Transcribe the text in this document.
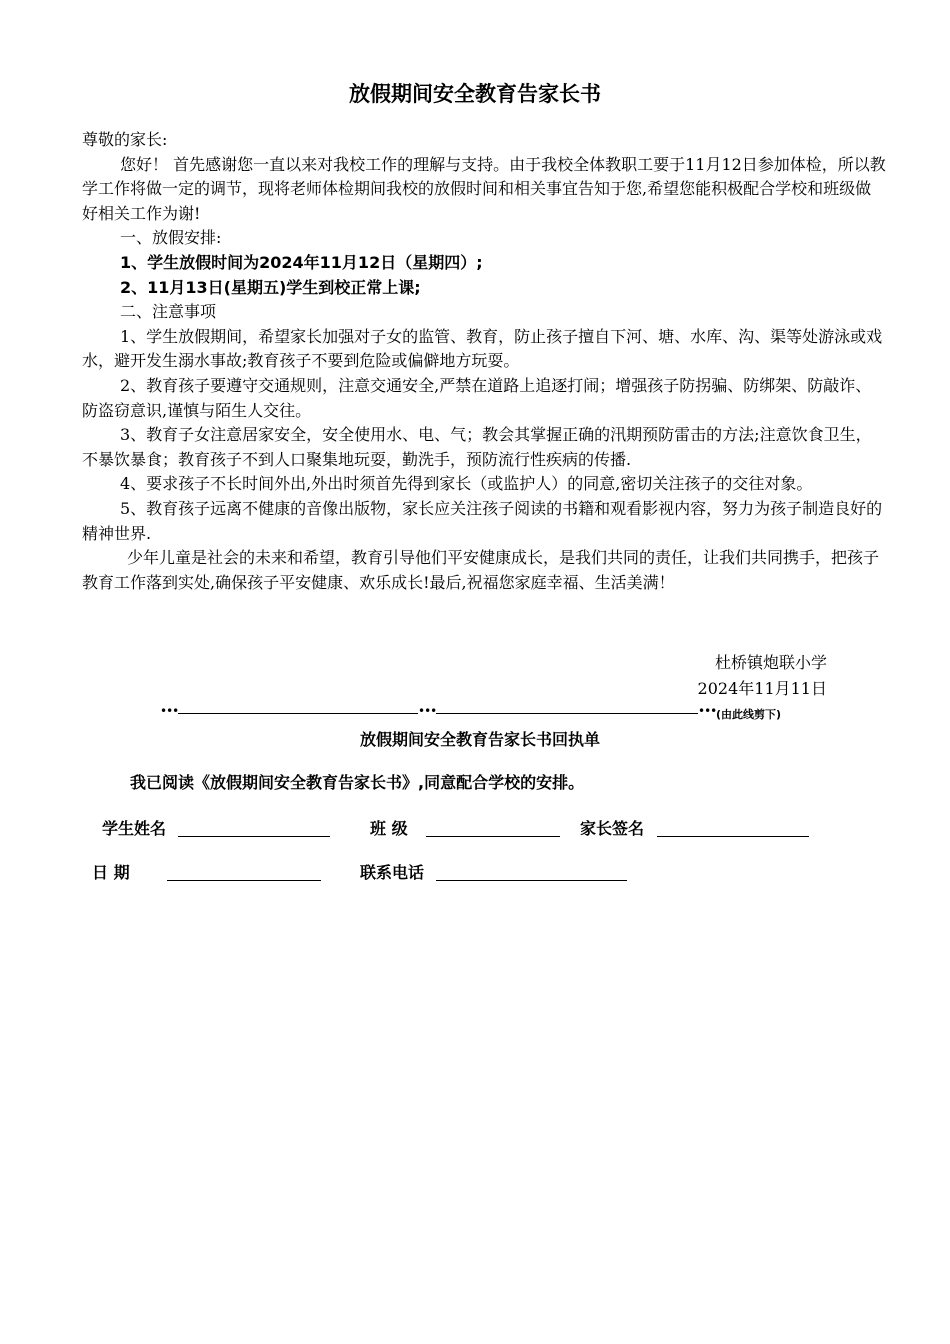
放假期间安全教育告家长书

尊敬的家长:

您好！ 首先感谢您一直以来对我校工作的理解与支持。由于我校全体教职工要于11月12日参加体检，所以教学工作将做一定的调节，现将老师体检期间我校的放假时间和相关事宜告知于您,希望您能积极配合学校和班级做好相关工作为谢!

一、放假安排:

1、学生放假时间为2024年11月12日（星期四）;

2、11月13日(星期五)学生到校正常上课;

二、注意事项

1、学生放假期间，希望家长加强对子女的监管、教育，防止孩子擅自下河、塘、水库、沟、渠等处游泳或戏水，避开发生溺水事故;教育孩子不要到危险或偏僻地方玩耍。

2、教育孩子要遵守交通规则，注意交通安全,严禁在道路上追逐打闹；增强孩子防拐骗、防绑架、防敲诈、防盗窃意识,谨慎与陌生人交往。

3、教育子女注意居家安全，安全使用水、电、气；教会其掌握正确的汛期预防雷击的方法;注意饮食卫生，不暴饮暴食；教育孩子不到人口聚集地玩耍，勤洗手，预防流行性疾病的传播.

4、要求孩子不长时间外出,外出时须首先得到家长（或监护人）的同意,密切关注孩子的交往对象。

5、教育孩子远离不健康的音像出版物，家长应关注孩子阅读的书籍和观看影视内容，努力为孩子制造良好的精神世界.

少年儿童是社会的未来和希望，教育引导他们平安健康成长，是我们共同的责任，让我们共同携手，把孩子教育工作落到实处,确保孩子平安健康、欢乐成长!最后,祝福您家庭幸福、生活美满！

杜桥镇炮联小学
2024年11月11日
•••	•••	••• (由此线剪下)
放假期间安全教育告家长书回执单
我已阅读《放假期间安全教育告家长书》,同意配合学校的安排。
学生姓名	班 级	家长签名
日 期	联系电话
